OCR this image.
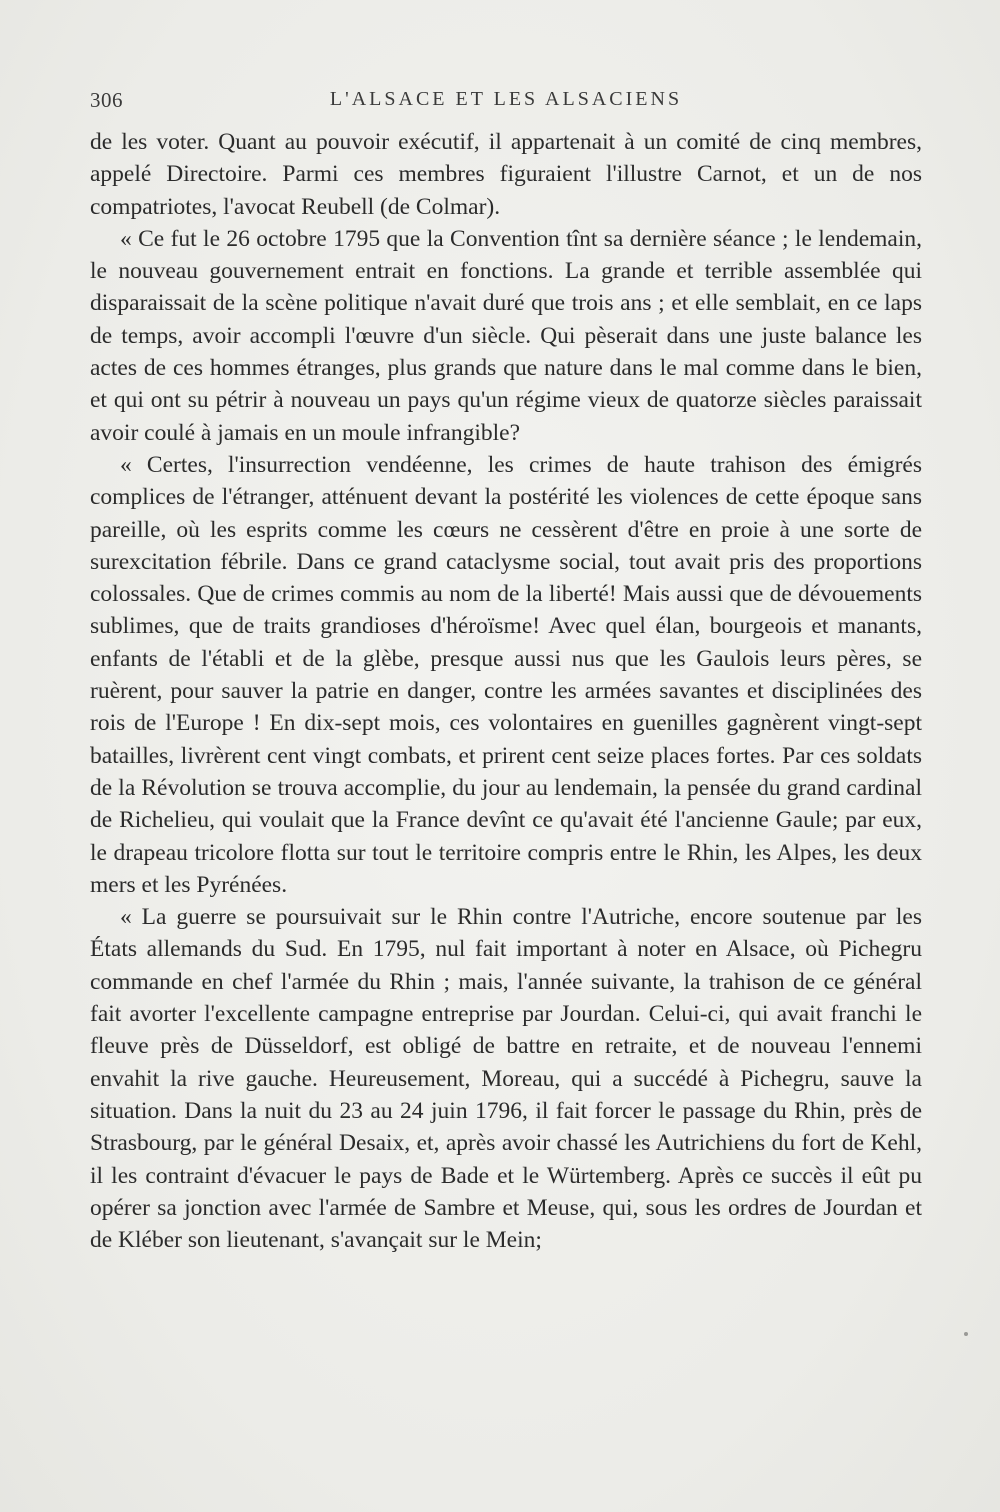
306	L'ALSACE ET LES ALSACIENS

de les voter. Quant au pouvoir exécutif, il appartenait à un comité de cinq membres, appelé Directoire. Parmi ces membres figuraient l'illustre Carnot, et un de nos compatriotes, l'avocat Reubell (de Colmar).

« Ce fut le 26 octobre 1795 que la Convention tînt sa dernière séance ; le lendemain, le nouveau gouvernement entrait en fonctions. La grande et terrible assemblée qui disparaissait de la scène politique n'avait duré que trois ans ; et elle semblait, en ce laps de temps, avoir accompli l'œuvre d'un siècle. Qui pèserait dans une juste balance les actes de ces hommes étranges, plus grands que nature dans le mal comme dans le bien, et qui ont su pétrir à nouveau un pays qu'un régime vieux de quatorze siècles paraissait avoir coulé à jamais en un moule infrangible?

« Certes, l'insurrection vendéenne, les crimes de haute trahison des émigrés complices de l'étranger, atténuent devant la postérité les violences de cette époque sans pareille, où les esprits comme les cœurs ne cessèrent d'être en proie à une sorte de surexcitation fébrile. Dans ce grand cataclysme social, tout avait pris des proportions colossales. Que de crimes commis au nom de la liberté! Mais aussi que de dévouements sublimes, que de traits grandioses d'héroïsme! Avec quel élan, bourgeois et manants, enfants de l'établi et de la glèbe, presque aussi nus que les Gaulois leurs pères, se ruèrent, pour sauver la patrie en danger, contre les armées savantes et disciplinées des rois de l'Europe ! En dix-sept mois, ces volontaires en guenilles gagnèrent vingt-sept batailles, livrèrent cent vingt combats, et prirent cent seize places fortes. Par ces soldats de la Révolution se trouva accomplie, du jour au lendemain, la pensée du grand cardinal de Richelieu, qui voulait que la France devînt ce qu'avait été l'ancienne Gaule; par eux, le drapeau tricolore flotta sur tout le territoire compris entre le Rhin, les Alpes, les deux mers et les Pyrénées.

« La guerre se poursuivait sur le Rhin contre l'Autriche, encore soutenue par les États allemands du Sud. En 1795, nul fait important à noter en Alsace, où Pichegru commande en chef l'armée du Rhin ; mais, l'année suivante, la trahison de ce général fait avorter l'excellente campagne entreprise par Jourdan. Celui-ci, qui avait franchi le fleuve près de Düsseldorf, est obligé de battre en retraite, et de nouveau l'ennemi envahit la rive gauche. Heureusement, Moreau, qui a succédé à Pichegru, sauve la situation. Dans la nuit du 23 au 24 juin 1796, il fait forcer le passage du Rhin, près de Strasbourg, par le général Desaix, et, après avoir chassé les Autrichiens du fort de Kehl, il les contraint d'évacuer le pays de Bade et le Würtemberg. Après ce succès il eût pu opérer sa jonction avec l'armée de Sambre et Meuse, qui, sous les ordres de Jourdan et de Kléber son lieutenant, s'avançait sur le Mein;
